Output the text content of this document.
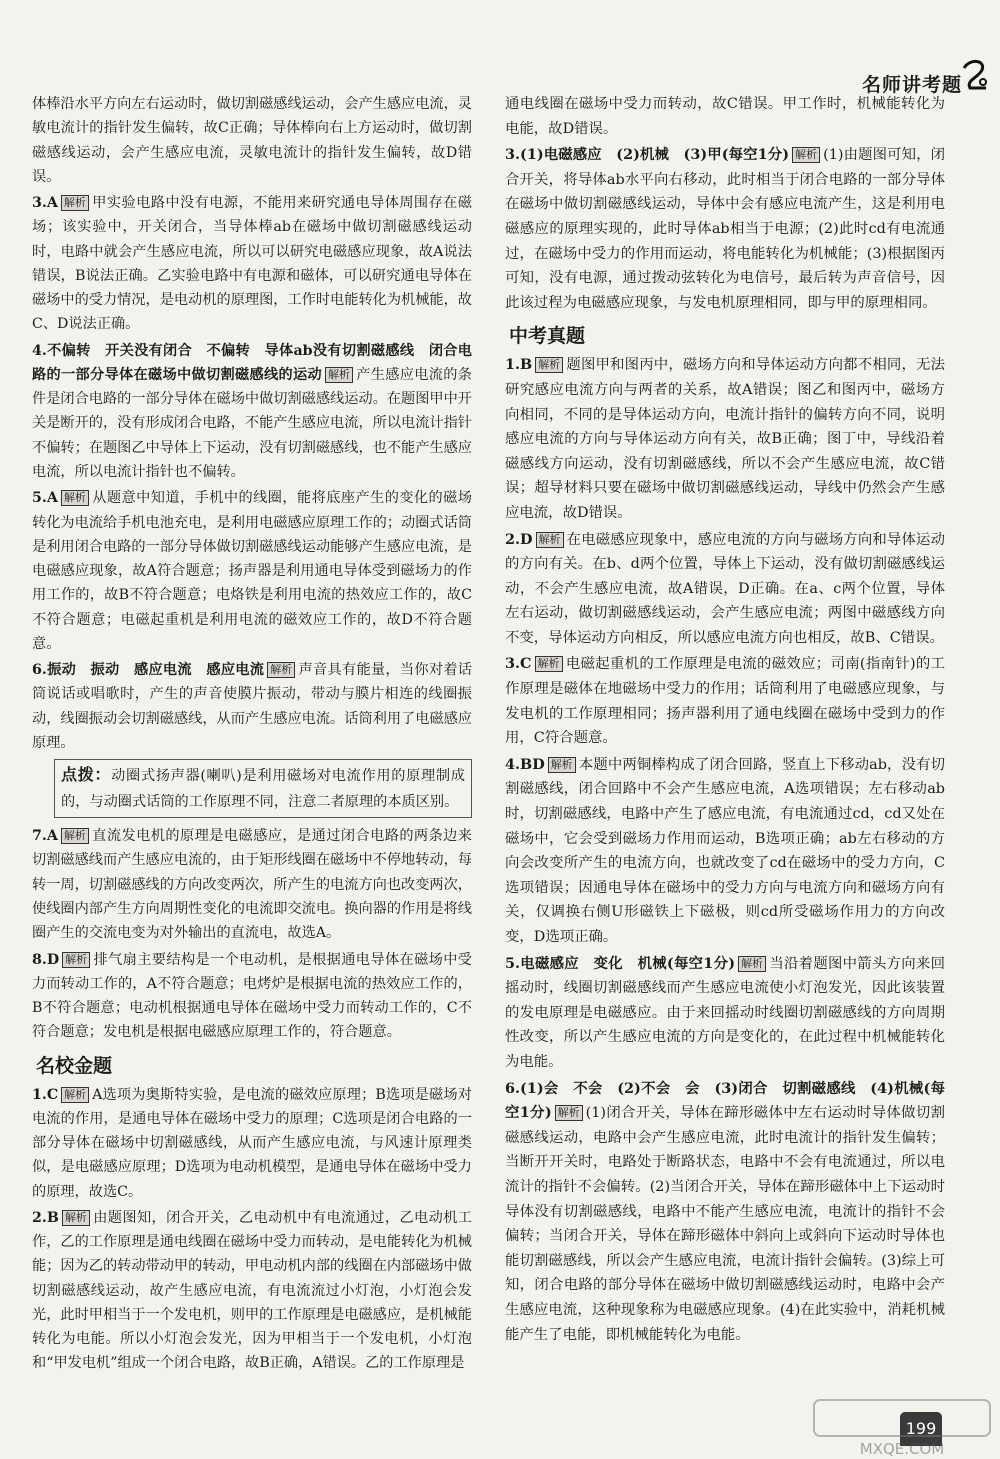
名师讲考题
体棒沿水平方向左右运动时，做切割磁感线运动，会产生感应电流，灵敏电流计的指针发生偏转，故C正确；导体棒向右上方运动时，做切割磁感线运动，会产生感应电流，灵敏电流计的指针发生偏转，故D错误。
3.A 解析 甲实验电路中没有电源，不能用来研究通电导体周围存在磁场；该实验中，开关闭合，当导体棒ab在磁场中做切割磁感线运动时，电路中就会产生感应电流，所以可以研究电磁感应现象，故A说法错误，B说法正确。乙实验电路中有电源和磁体，可以研究通电导体在磁场中的受力情况，是电动机的原理图，工作时电能转化为机械能，故C、D说法正确。
4.不偏转　开关没有闭合　不偏转　导体ab没有切割磁感线　闭合电路的一部分导体在磁场中做切割磁感线的运动 解析 产生感应电流的条件是闭合电路的一部分导体在磁场中做切割磁感线运动。在题图甲中开关是断开的，没有形成闭合电路，不能产生感应电流，所以电流计指针不偏转；在题图乙中导体上下运动，没有切割磁感线，也不能产生感应电流，所以电流计指针也不偏转。
5.A 解析 从题意中知道，手机中的线圈，能将底座产生的变化的磁场转化为电流给手机电池充电，是利用电磁感应原理工作的；动圈式话筒是利用闭合电路的一部分导体做切割磁感线运动能够产生感应电流，是电磁感应现象，故A符合题意；扬声器是利用通电导体受到磁场力的作用工作的，故B不符合题意；电烙铁是利用电流的热效应工作的，故C不符合题意；电磁起重机是利用电流的磁效应工作的，故D不符合题意。
6.振动　振动　感应电流　感应电流 解析 声音具有能量，当你对着话筒说话或唱歌时，产生的声音使膜片振动，带动与膜片相连的线圈振动，线圈振动会切割磁感线，从而产生感应电流。话筒利用了电磁感应原理。
点拨：动圈式扬声器(喇叭)是利用磁场对电流作用的原理制成的，与动圈式话筒的工作原理不同，注意二者原理的本质区别。
7.A 解析 直流发电机的原理是电磁感应，是通过闭合电路的两条边来切割磁感线而产生感应电流的，由于矩形线圈在磁场中不停地转动，每转一周，切割磁感线的方向改变两次，所产生的电流方向也改变两次，使线圈内部产生方向周期性变化的电流即交流电。换向器的作用是将线圈产生的交流电变为对外输出的直流电，故选A。
8.D 解析 排气扇主要结构是一个电动机，是根据通电导体在磁场中受力而转动工作的，A不符合题意；电烤炉是根据电流的热效应工作的，B不符合题意；电动机根据通电导体在磁场中受力而转动工作的，C不符合题意；发电机是根据电磁感应原理工作的，符合题意。
名校金题
1.C 解析 A选项为奥斯特实验，是电流的磁效应原理；B选项是磁场对电流的作用，是通电导体在磁场中受力的原理；C选项是闭合电路的一部分导体在磁场中切割磁感线，从而产生感应电流，与风速计原理类似，是电磁感应原理；D选项为电动机模型，是通电导体在磁场中受力的原理，故选C。
2.B 解析 由题图知，闭合开关，乙电动机中有电流通过，乙电动机工作，乙的工作原理是通电线圈在磁场中受力而转动，是电能转化为机械能；因为乙的转动带动甲的转动，甲电动机内部的线圈在内部磁场中做切割磁感线运动，故产生感应电流，有电流流过小灯泡，小灯泡会发光，此时甲相当于一个发电机，则甲的工作原理是电磁感应，是机械能转化为电能。所以小灯泡会发光，因为甲相当于一个发电机，小灯泡和“甲发电机”组成一个闭合电路，故B正确，A错误。乙的工作原理是
通电线圈在磁场中受力而转动，故C错误。甲工作时，机械能转化为电能，故D错误。
3.(1)电磁感应　(2)机械　(3)甲(每空1分) 解析 (1)由题图可知，闭合开关，将导体ab水平向右移动，此时相当于闭合电路的一部分导体在磁场中做切割磁感线运动，导体中会有感应电流产生，这是利用电磁感应的原理实现的，此时导体ab相当于电源；(2)此时cd有电流通过，在磁场中受力的作用而运动，将电能转化为机械能；(3)根据图丙可知，没有电源，通过拨动弦转化为电信号，最后转为声音信号，因此该过程为电磁感应现象，与发电机原理相同，即与甲的原理相同。
中考真题
1.B 解析 题图甲和图丙中，磁场方向和导体运动方向都不相同，无法研究感应电流方向与两者的关系，故A错误；图乙和图丙中，磁场方向相同，不同的是导体运动方向，电流计指针的偏转方向不同，说明感应电流的方向与导体运动方向有关，故B正确；图丁中，导线沿着磁感线方向运动，没有切割磁感线，所以不会产生感应电流，故C错误；超导材料只要在磁场中做切割磁感线运动，导线中仍然会产生感应电流，故D错误。
2.D 解析 在电磁感应现象中，感应电流的方向与磁场方向和导体运动的方向有关。在b、d两个位置，导体上下运动，没有做切割磁感线运动，不会产生感应电流，故A错误，D正确。在a、c两个位置，导体左右运动，做切割磁感线运动，会产生感应电流；两图中磁感线方向不变，导体运动方向相反，所以感应电流方向也相反，故B、C错误。
3.C 解析 电磁起重机的工作原理是电流的磁效应；司南(指南针)的工作原理是磁体在地磁场中受力的作用；话筒利用了电磁感应现象，与发电机的工作原理相同；扬声器利用了通电线圈在磁场中受到力的作用，C符合题意。
4.BD 解析 本题中两铜棒构成了闭合回路，竖直上下移动ab，没有切割磁感线，闭合回路中不会产生感应电流，A选项错误；左右移动ab时，切割磁感线，电路中产生了感应电流，有电流通过cd，cd又处在磁场中，它会受到磁场力作用而运动，B选项正确；ab左右移动的方向会改变所产生的电流方向，也就改变了cd在磁场中的受力方向，C选项错误；因通电导体在磁场中的受力方向与电流方向和磁场方向有关，仅调换右侧U形磁铁上下磁极，则cd所受磁场作用力的方向改变，D选项正确。
5.电磁感应　变化　机械(每空1分) 解析 当沿着题图中箭头方向来回摇动时，线圈切割磁感线而产生感应电流使小灯泡发光，因此该装置的发电原理是电磁感应。由于来回摇动时线圈切割磁感线的方向周期性改变，所以产生感应电流的方向是变化的，在此过程中机械能转化为电能。
6.(1)会　不会　(2)不会　会　(3)闭合　切割磁感线　(4)机械(每空1分) 解析 (1)闭合开关，导体在蹄形磁体中左右运动时导体做切割磁感线运动，电路中会产生感应电流，此时电流计的指针发生偏转；当断开开关时，电路处于断路状态，电路中不会有电流通过，所以电流计的指针不会偏转。(2)当闭合开关，导体在蹄形磁体中上下运动时导体没有切割磁感线，电路中不能产生感应电流，电流计的指针不会偏转；当闭合开关，导体在蹄形磁体中斜向上或斜向下运动时导体也能切割磁感线，所以会产生感应电流，电流计指针会偏转。(3)综上可知，闭合电路的部分导体在磁场中做切割磁感线运动时，电路中会产生感应电流，这种现象称为电磁感应现象。(4)在此实验中，消耗机械能产生了电能，即机械能转化为电能。
199
MXQE.COM
